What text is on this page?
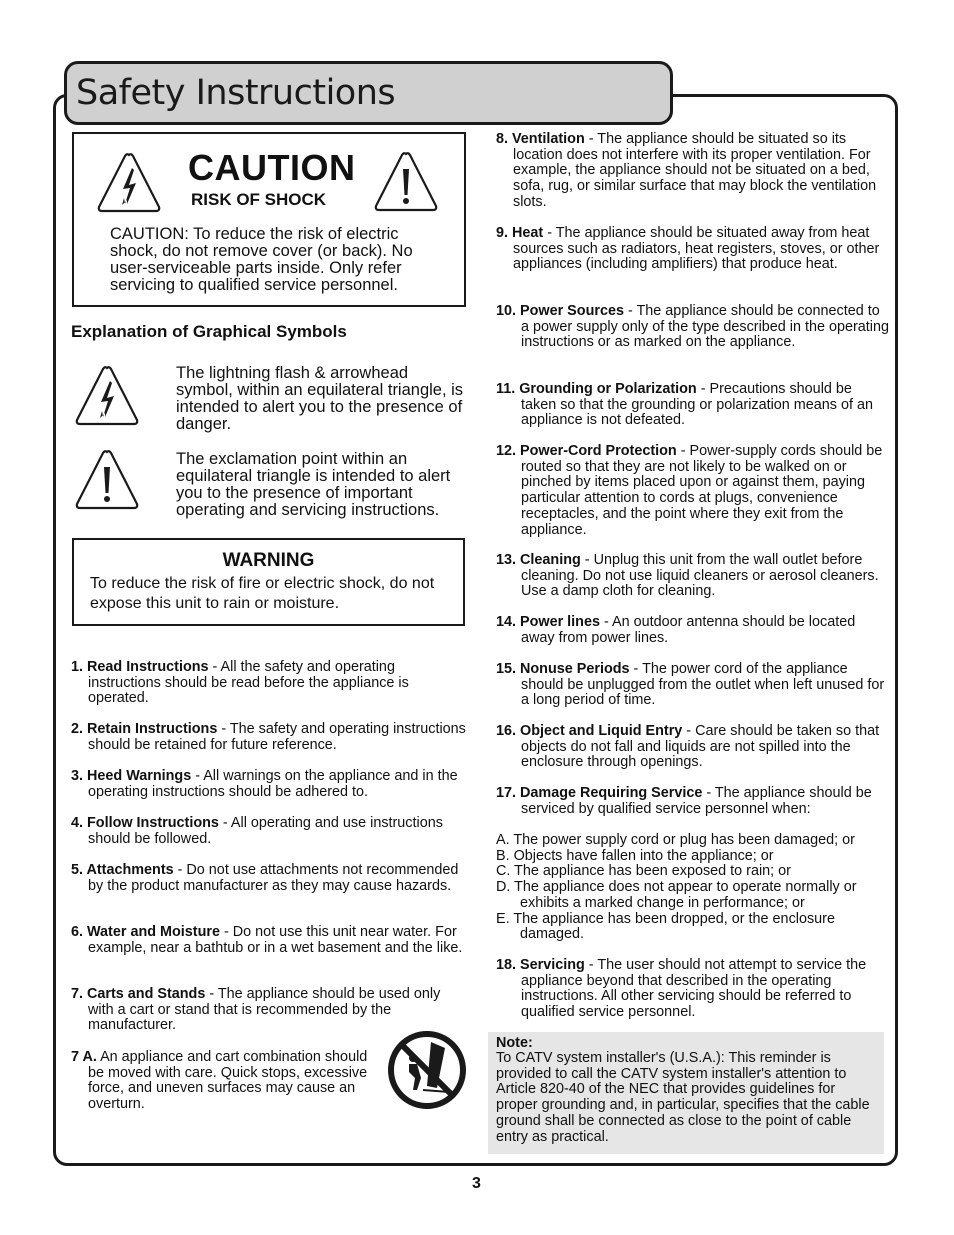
Safety Instructions
CAUTION
RISK OF SHOCK
CAUTION: To reduce the risk of electric shock, do not remove cover (or back). No user-serviceable parts inside. Only refer servicing to qualified service personnel.
Explanation of Graphical Symbols
The lightning flash & arrowhead symbol, within an equilateral triangle, is intended to alert you to the presence of danger.
The exclamation point within an equilateral triangle is intended to alert you to the presence of important operating and servicing instructions.
WARNING
To reduce the risk of fire or electric shock, do not expose this unit to rain or moisture.
1. Read Instructions - All the safety and operating instructions should be read before the appliance is operated.
2. Retain Instructions - The safety and operating instructions should be retained for future reference.
3. Heed Warnings - All warnings on the appliance and in the operating instructions should be adhered to.
4. Follow Instructions - All operating and use instructions should be followed.
5. Attachments - Do not use attachments not recommended by the product manufacturer as they may cause hazards.
6. Water and Moisture - Do not use this unit near water. For example, near a bathtub or in a wet basement and the like.
7. Carts and Stands - The appliance should be used only with a cart or stand that is recommended by the manufacturer.
7 A. An appliance and cart combination should be moved with care. Quick stops, excessive force, and uneven surfaces may cause an overturn.
8. Ventilation - The appliance should be situated so its location does not interfere with its proper ventilation. For example, the appliance should not be situated on a bed, sofa, rug, or similar surface that may block the ventilation slots.
9. Heat - The appliance should be situated away from heat sources such as radiators, heat registers, stoves, or other appliances (including amplifiers) that produce heat.
10. Power Sources - The appliance should be connected to a power supply only of the type described in the operating instructions or as marked on the appliance.
11. Grounding or Polarization - Precautions should be taken so that the grounding or polarization means of an appliance is not defeated.
12. Power-Cord Protection - Power-supply cords should be routed so that they are not likely to be walked on or pinched by items placed upon or against them, paying particular attention to cords at plugs, convenience receptacles, and the point where they exit from the appliance.
13. Cleaning - Unplug this unit from the wall outlet before cleaning. Do not use liquid cleaners or aerosol cleaners. Use a damp cloth for cleaning.
14. Power lines - An outdoor antenna should be located away from power lines.
15. Nonuse Periods - The power cord of the appliance should be unplugged from the outlet when left unused for a long period of time.
16. Object and Liquid Entry - Care should be taken so that objects do not fall and liquids are not spilled into the enclosure through openings.
17. Damage Requiring Service - The appliance should be serviced by qualified service personnel when:
18. Servicing - The user should not attempt to service the appliance beyond that described in the operating instructions. All other servicing should be referred to qualified service personnel.
A. The power supply cord or plug has been damaged; or
B. Objects have fallen into the appliance; or
C. The appliance has been exposed to rain; or
D. The appliance does not appear to operate normally or exhibits a marked change in performance; or
E. The appliance has been dropped, or the enclosure damaged.
Note:
To CATV system installer's (U.S.A.): This reminder is provided to call the CATV system installer's attention to Article 820-40 of the NEC that provides guidelines for proper grounding and, in particular, specifies that the cable ground shall be connected as close to the point of cable entry as practical.
3
